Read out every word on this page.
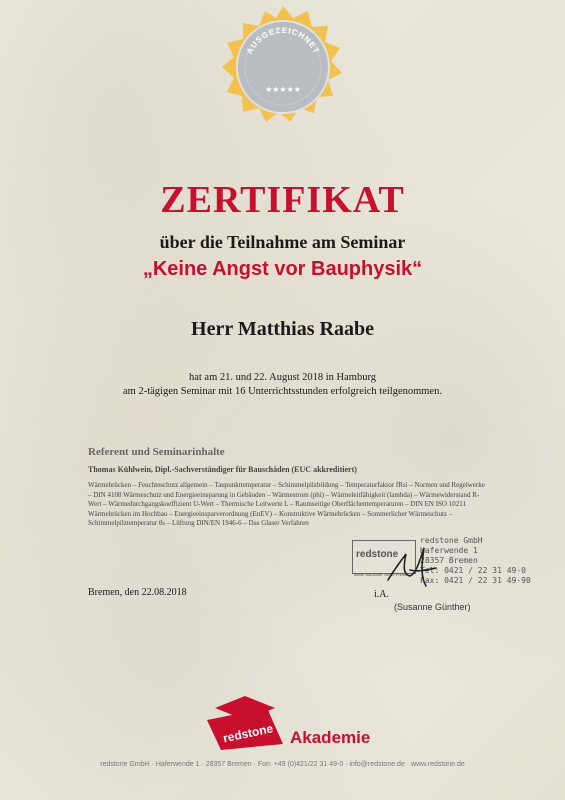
AUSGEZEICHNET
★★★★★
ZERTIFIKAT
über die Teilnahme am Seminar
„Keine Angst vor Bauphysik“
Herr Matthias Raabe
hat am 21. und 22. August 2018 in Hamburg
am 2-tägigen Seminar mit 16 Unterrichtsstunden erfolgreich teilgenommen.
Referent und Seminarinhalte
Thomas Kühlwein, Dipl.-Sachverständiger für Bauschäden (EUC akkreditiert)
Wärmebrücken – Feuchteschutz allgemein – Taupunkttemperatur – Schimmelpilzbildung – Temperaturfaktor fRsi – Normen und Regelwerke – DIN 4108 Wärmeschutz und Energieeinsparung in Gebäuden – Wärmestrom (phi) – Wärmeleitfähigkeit (lambda) – Wärmewiderstand R-Wert – Wärmedurchgangskoeffizient U-Wert – Thermische Leitwerte L – Raumseitige Oberflächentemperaturen – DIN EN ISO 10211 Wärmebrücken im Hochbau – Energieeinsparverordnung (EnEV) – Konstruktive Wärmebrücken – Sommerlicher Wärmeschutz – Schimmelpilztemperatur θs – Lüftung DIN/EN 1946-6 – Das Glaser Verfahren
redstone
Beste Baustoffe. Beste Preise.
redstone GmbH
Haferwende 1
28357 Bremen
Tel: 0421 / 22 31 49-0
Fax: 0421 / 22 31 49-90
Bremen, den 22.08.2018	i.A.
(Susanne Günther)
redstone Akademie
redstone GmbH · Haferwende 1 · 28357 Bremen · Fon: +49 (0)421/22 31 49-0 · info@redstone.de · www.redstone.de
